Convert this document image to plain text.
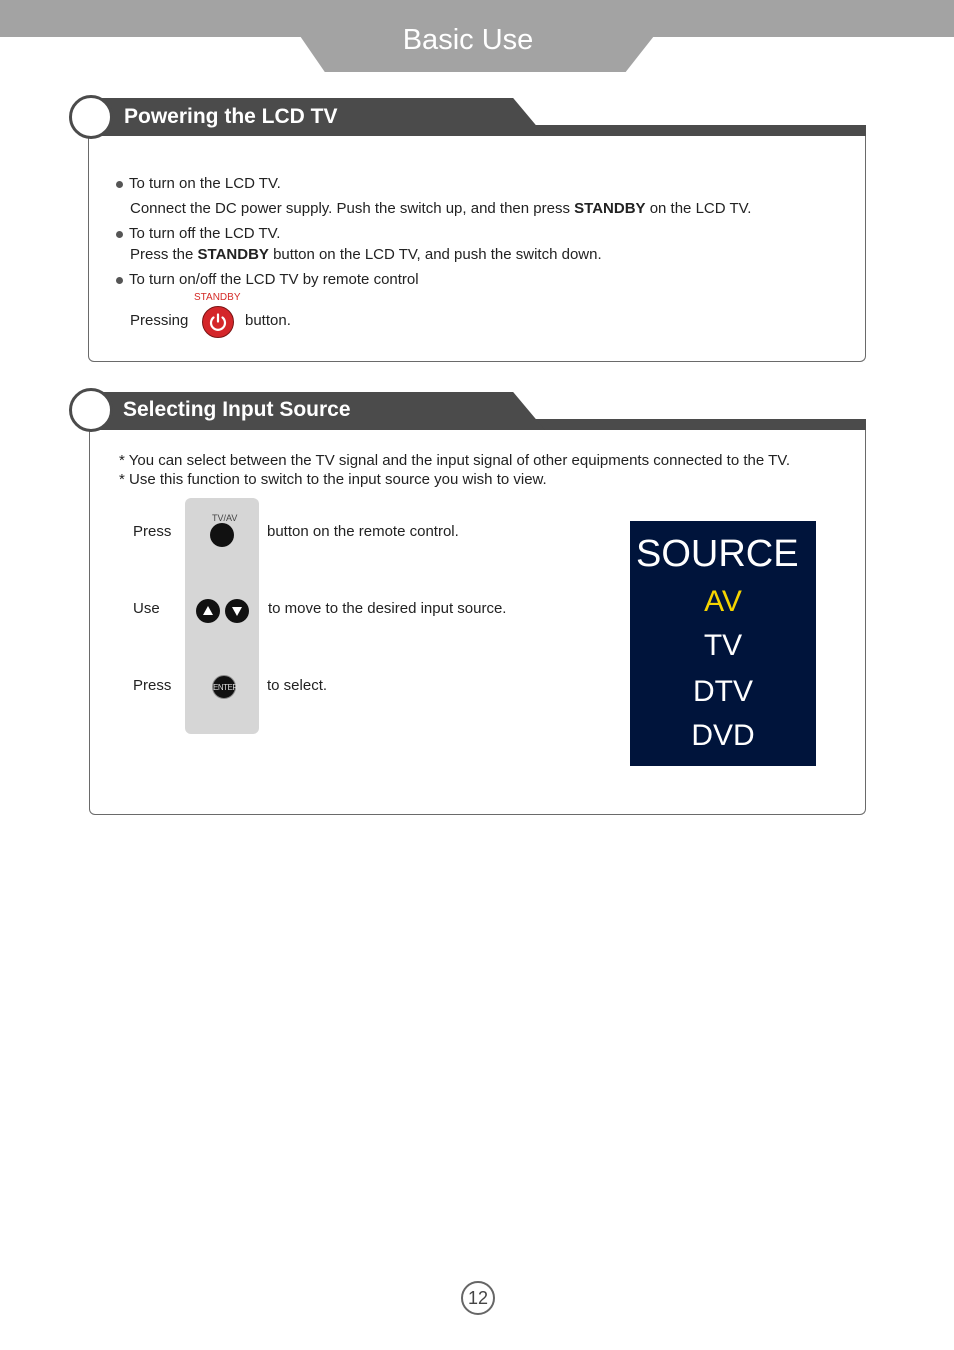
Basic Use
Powering the LCD TV
To turn on the LCD TV.
Connect the DC power supply. Push the switch up, and then press STANDBY on the LCD TV.
To turn off the LCD TV.
Press the STANDBY button on the LCD TV, and push the switch down.
To turn on/off the LCD TV by remote control
STANDBY
Pressing	button.
Selecting Input Source
* You can select between the TV signal and the input signal of other equipments connected to the TV.
* Use this function to switch to the input source you wish to view.
TV/AV
ENTER
Press	button on the remote control.
Use	to move to the desired input source.
Press	to select.
SOURCE
AV
TV
DTV
DVD
12
